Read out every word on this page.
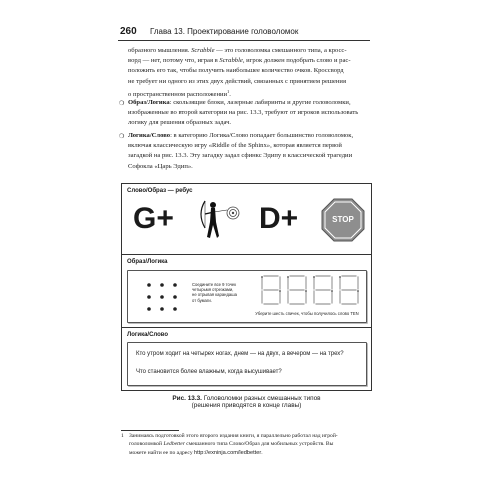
260 Глава 13. Проектирование головоломок
образного мышления. Scrabble — это головоломка смешанного типа, а кросс-
ворд — нет, потому что, играя в Scrabble, игрок должен подобрать слово и рас-
положить его так, чтобы получить наибольшее количество очков. Кроссворд
не требует ни одного из этих двух действий, связанных с принятием решения
о пространственном расположении$^1$.
❍ Образ/Логика: скользящие блоки, лазерные лабиринты и другие головоломки,
изображенные во второй категории на рис. 13.3, требуют от игроков использовать
логику для решения образных задач.
❍ Логика/Слово: в категорию Логика/Слово попадает большинство головоломок,
включая классическую игру «Riddle of the Sphinx», которая является первой
загадкой на рис. 13.3. Эту загадку задал сфинкс Эдипу в классической трагедии
Софокла «Царь Эдип».
Слово/Образ — ребус
G+	D+	STOP
Образ/Логика
Соедините все 9 точек
четырьмя отрезками,
не отрывая карандаша
от бумаги.
Уберите шесть спичек, чтобы получилось слово TEN
Логика/Слово
Кто утром ходит на четырех ногах, днем — на двух, а вечером — на трех?
Что становится более влажным, когда высушивает?
Рис. 13.3. Головоломки разных смешанных типов
(решения приводятся в конце главы)
1 Занимаясь подготовкой этого второго издания книги, я параллельно работал над игрой-
головоломкой Ledbetter смешанного типа Слово/Образ для мобильных устройств. Вы
можете найти ее по адресу http://exninja.com/ledbetter.
